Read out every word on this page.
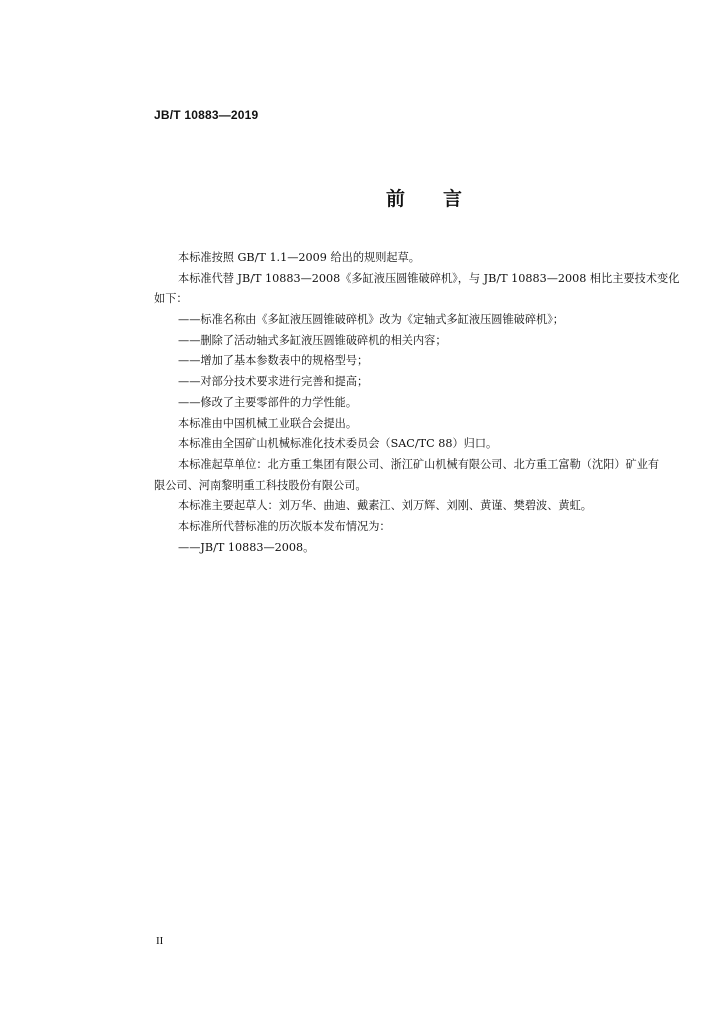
JB/T 10883—2019
前 言
本标准按照 GB/T 1.1—2009 给出的规则起草。
本标准代替 JB/T 10883—2008《多缸液压圆锥破碎机》，与 JB/T 10883—2008 相比主要技术变化
如下：
——标准名称由《多缸液压圆锥破碎机》改为《定轴式多缸液压圆锥破碎机》；
——删除了活动轴式多缸液压圆锥破碎机的相关内容；
——增加了基本参数表中的规格型号；
——对部分技术要求进行完善和提高；
——修改了主要零部件的力学性能。
本标准由中国机械工业联合会提出。
本标准由全国矿山机械标准化技术委员会（SAC/TC 88）归口。
本标准起草单位：北方重工集团有限公司、浙江矿山机械有限公司、北方重工富勒（沈阳）矿业有
限公司、河南黎明重工科技股份有限公司。
本标准主要起草人：刘万华、曲迪、戴素江、刘万辉、刘刚、黄谨、樊碧波、黄虹。
本标准所代替标准的历次版本发布情况为：
——JB/T 10883—2008。
II
